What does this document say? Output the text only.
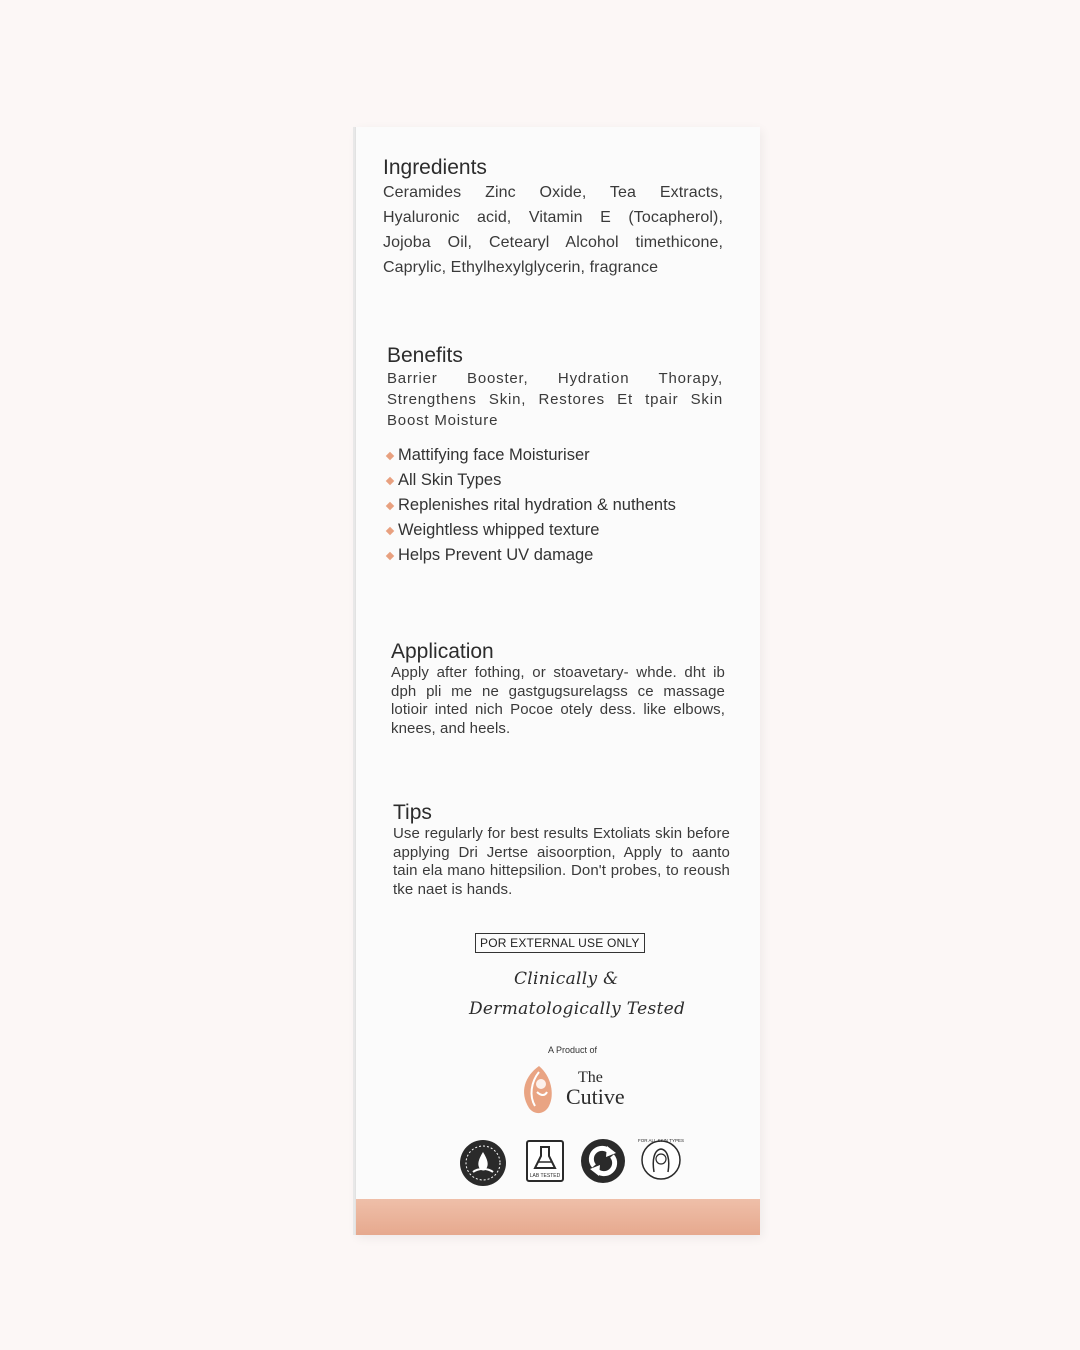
Ingredients

Ceramides Zinc Oxide, Tea Extracts, Hyaluronic acid, Vitamin E (Tocapherol), Jojoba Oil, Cetearyl Alcohol timethicone, Caprylic, Ethylhexylglycerin, fragrance

Benefits

Barrier Booster, Hydration Thorapy, Strengthens Skin, Restores Et tpair Skin Boost Moisture

Mattifying face Moisturiser
All Skin Types
Replenishes rital hydration & nuthents
Weightless whipped texture
Helps Prevent UV damage
Application

Apply after fothing, or stoavetary- whde. dht ib dph pli me ne gastgugsurelagss ce massage lotioir inted nich Pocoe otely dess. like elbows, knees, and heels.

Tips

Use regularly for best results Extoliats skin before applying Dri Jertse aisoorption, Apply to aanto tain ela mano hittepsilion. Don't probes, to reoush tke naet is hands.

POR EXTERNAL USE ONLY
Clinically &
Dermatologically Tested
A Product of
The
Cutive
LAB TESTED
FOR ALL SKIN TYPES
